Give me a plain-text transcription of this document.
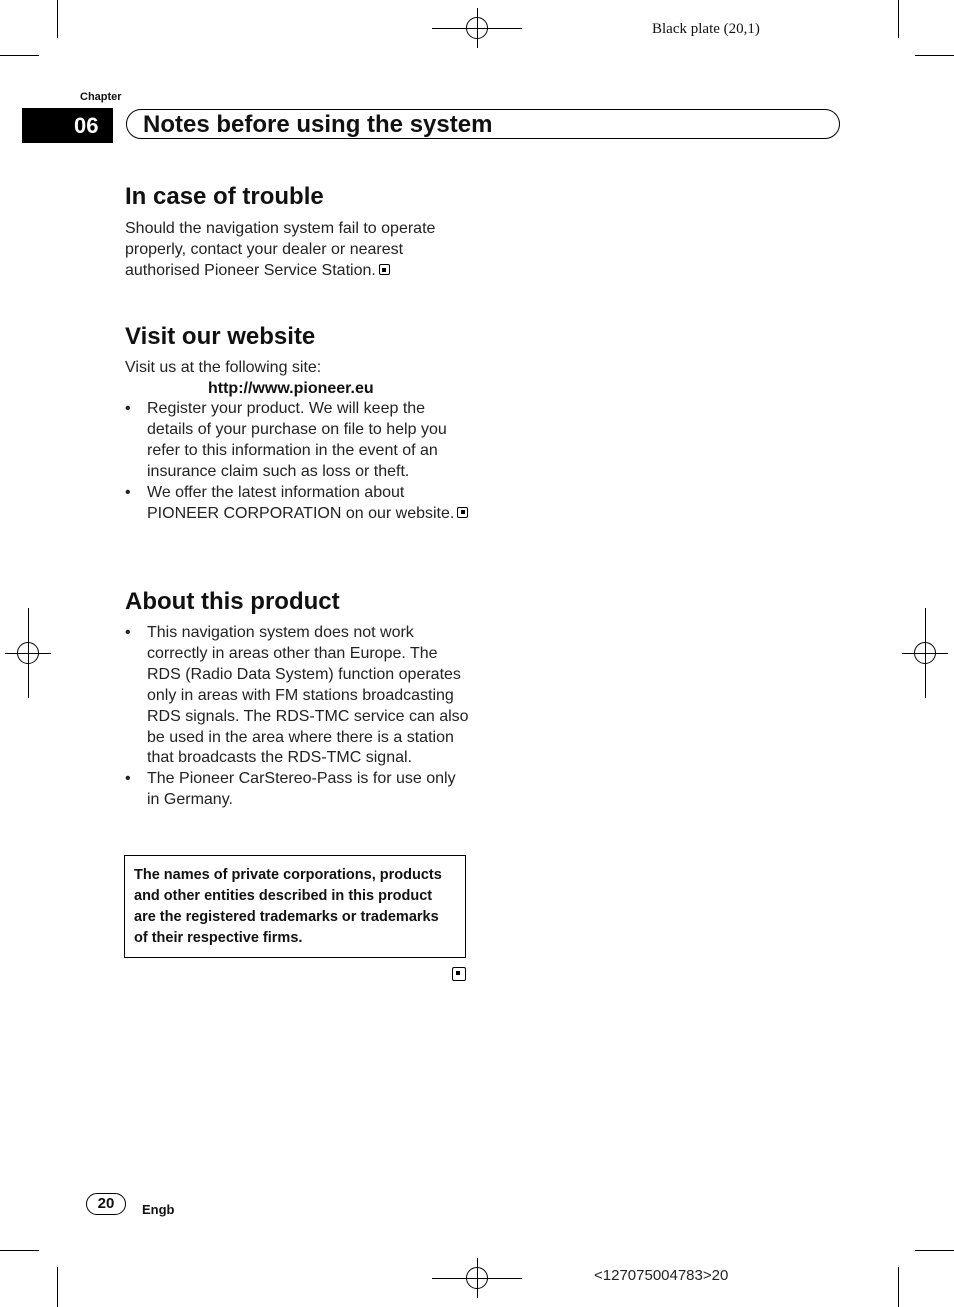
Black plate (20,1)
Chapter
06	Notes before using the system
In case of trouble
Should the navigation system fail to operate properly, contact your dealer or nearest authorised Pioneer Service Station.
Visit our website
Visit us at the following site:
http://www.pioneer.eu
• Register your product. We will keep the details of your purchase on file to help you refer to this information in the event of an insurance claim such as loss or theft.
• We offer the latest information about PIONEER CORPORATION on our website.
About this product
• This navigation system does not work correctly in areas other than Europe. The RDS (Radio Data System) function operates only in areas with FM stations broadcasting RDS signals. The RDS-TMC service can also be used in the area where there is a station that broadcasts the RDS-TMC signal.
• The Pioneer CarStereo-Pass is for use only in Germany.
The names of private corporations, products and other entities described in this product are the registered trademarks or trademarks of their respective firms.
20	Engb
<127075004783>20
